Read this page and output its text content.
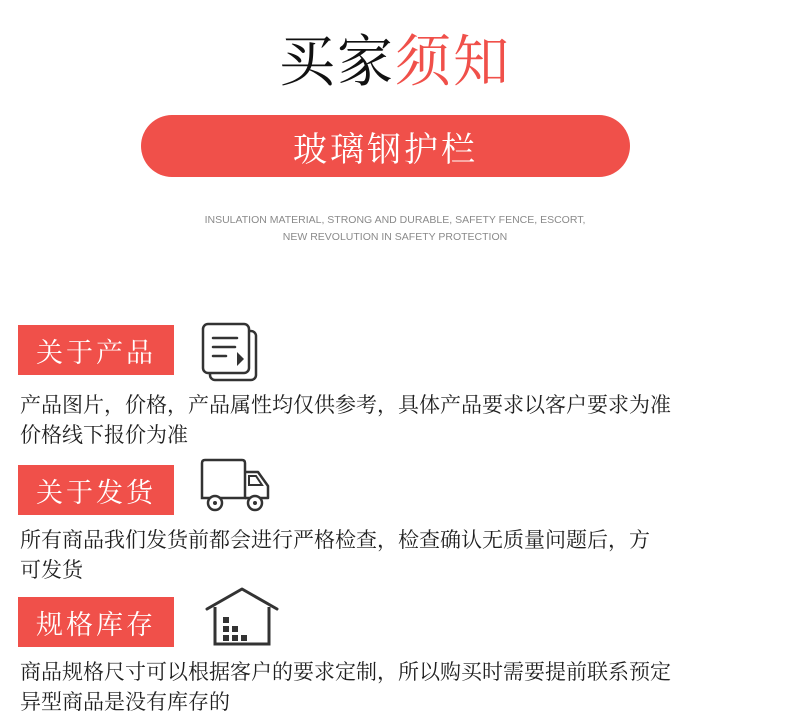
买家须知
玻璃钢护栏
INSULATION MATERIAL, STRONG AND DURABLE, SAFETY FENCE, ESCORT,
NEW REVOLUTION IN SAFETY PROTECTION
关于产品
产品图片，价格，产品属性均仅供参考，具体产品要求以客户要求为准
价格线下报价为准
关于发货
所有商品我们发货前都会进行严格检查，检查确认无质量问题后，方
可发货
规格库存
商品规格尺寸可以根据客户的要求定制，所以购买时需要提前联系预定
异型商品是没有库存的
